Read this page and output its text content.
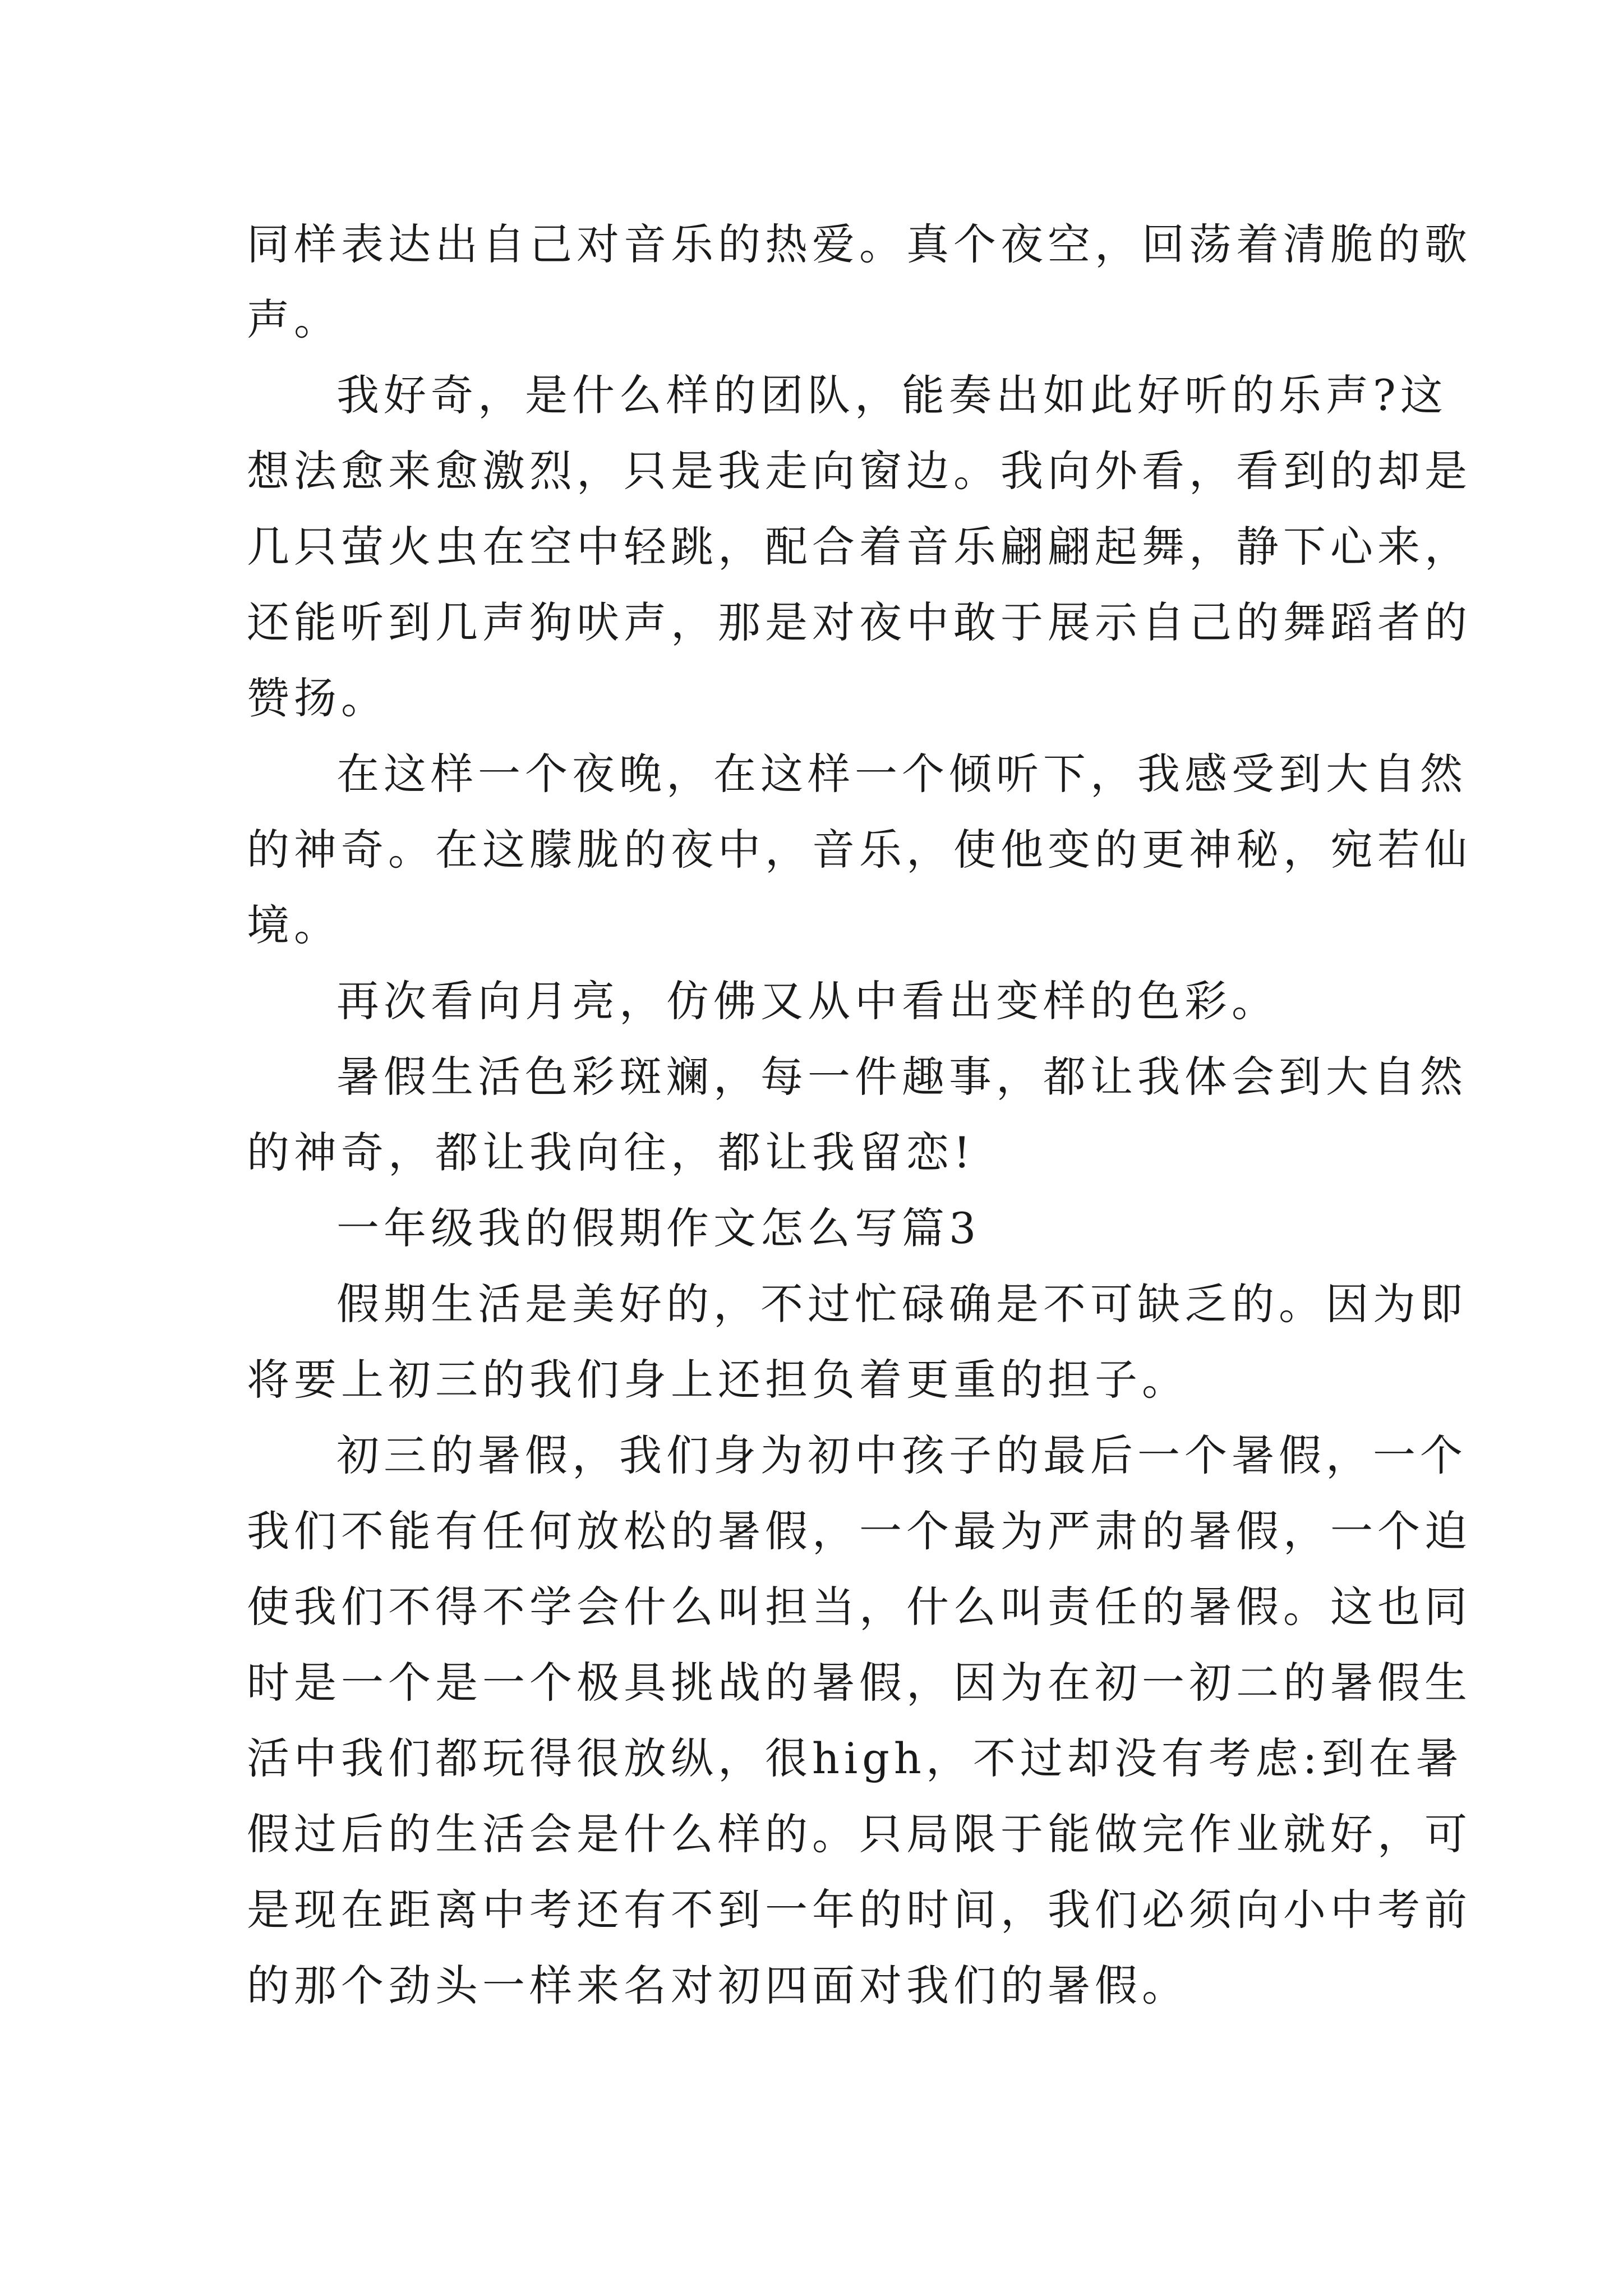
同样表达出自己对音乐的热爱。真个夜空，回荡着清脆的歌
声。
我好奇，是什么样的团队，能奏出如此好听的乐声?这
想法愈来愈激烈，只是我走向窗边。我向外看，看到的却是
几只萤火虫在空中轻跳，配合着音乐翩翩起舞，静下心来，
还能听到几声狗吠声，那是对夜中敢于展示自己的舞蹈者的
赞扬。
在这样一个夜晚，在这样一个倾听下，我感受到大自然
的神奇。在这朦胧的夜中，音乐，使他变的更神秘，宛若仙
境。
再次看向月亮，仿佛又从中看出变样的色彩。
暑假生活色彩斑斓，每一件趣事，都让我体会到大自然
的神奇，都让我向往，都让我留恋!
一年级我的假期作文怎么写篇3
假期生活是美好的，不过忙碌确是不可缺乏的。因为即
将要上初三的我们身上还担负着更重的担子。
初三的暑假，我们身为初中孩子的最后一个暑假，一个
我们不能有任何放松的暑假，一个最为严肃的暑假，一个迫
使我们不得不学会什么叫担当，什么叫责任的暑假。这也同
时是一个是一个极具挑战的暑假，因为在初一初二的暑假生
活中我们都玩得很放纵，很high，不过却没有考虑:到在暑
假过后的生活会是什么样的。只局限于能做完作业就好，可
是现在距离中考还有不到一年的时间，我们必须向小中考前
的那个劲头一样来名对初四面对我们的暑假。
